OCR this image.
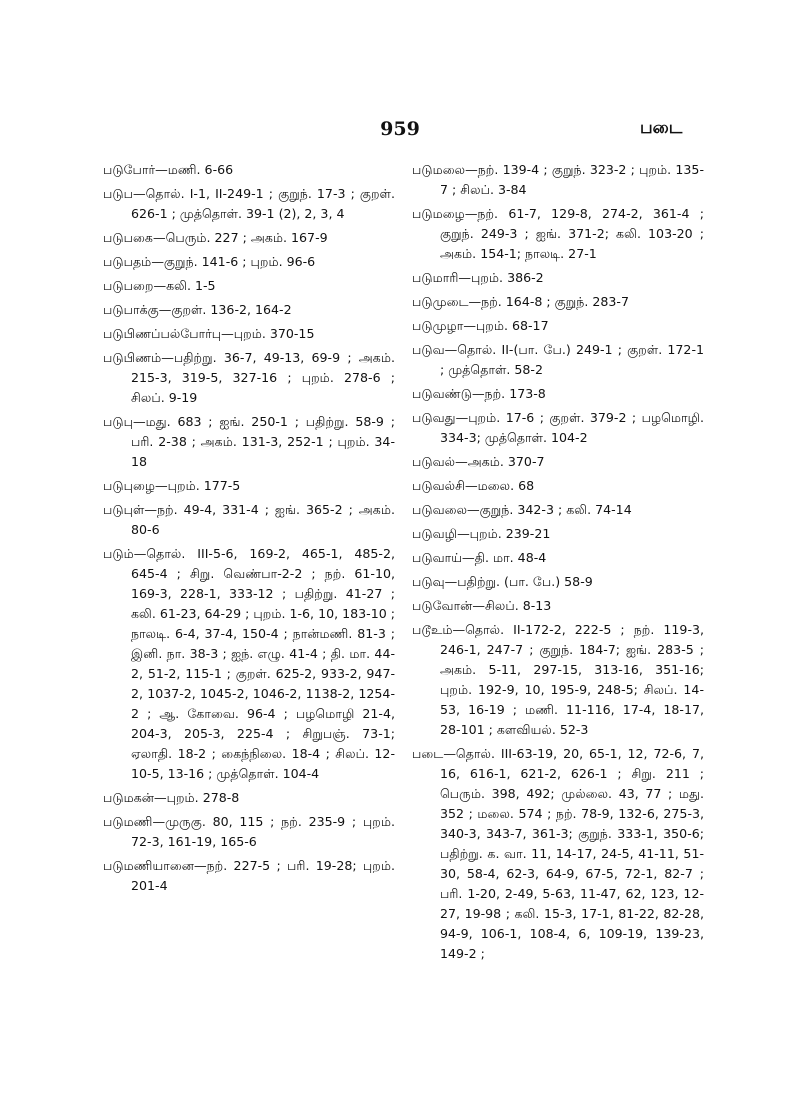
959	படை

படுபோர்—மணி. 6-66

படுப—தொல். I-1, II-249-1 ; குறுந். 17-3 ; குறள். 626-1 ; முத்தொள். 39-1 (2), 2, 3, 4

படுபகை—பெரும். 227 ; அகம். 167-9

படுபதம்—குறுந். 141-6 ; புறம். 96-6

படுபறை—கலி. 1-5

படுபாக்கு—குறள். 136-2, 164-2

படுபிணப்பல்போர்பு—புறம். 370-15

படுபிணம்—பதிற்று. 36-7, 49-13, 69-9 ; அகம். 215-3, 319-5, 327-16 ; புறம். 278-6 ; சிலப். 9-19

படுபு—மது. 683 ; ஐங். 250-1 ; பதிற்று. 58-9 ; பரி. 2-38 ; அகம். 131-3, 252-1 ; புறம். 34-18

படுபுழை—புறம். 177-5

படுபுள்—நற். 49-4, 331-4 ; ஐங். 365-2 ; அகம். 80-6

படும்—தொல். III-5-6, 169-2, 465-1, 485-2, 645-4 ; சிறு. வெண்பா-2-2 ; நற். 61-10, 169-3, 228-1, 333-12 ; பதிற்று. 41-27 ; கலி. 61-23, 64-29 ; புறம். 1-6, 10, 183-10 ; நாலடி. 6-4, 37-4, 150-4 ; நான்மணி. 81-3 ; இனி. நா. 38-3 ; ஐந். எழு. 41-4 ; தி. மா. 44-2, 51-2, 115-1 ; குறள். 625-2, 933-2, 947-2, 1037-2, 1045-2, 1046-2, 1138-2, 1254-2 ; ஆ. கோவை. 96-4 ; பழமொழி 21-4, 204-3, 205-3, 225-4 ; சிறுபஞ். 73-1; ஏலாதி. 18-2 ; கைந்நிலை. 18-4 ; சிலப். 12-10-5, 13-16 ; முத்தொள். 104-4

படுமகன்—புறம். 278-8

படுமணி—முருகு. 80, 115 ; நற். 235-9 ; புறம். 72-3, 161-19, 165-6

படுமணியானை—நற். 227-5 ; பரி. 19-28; புறம். 201-4

படுமலை—நற். 139-4 ; குறுந். 323-2 ; புறம். 135-7 ; சிலப். 3-84

படுமழை—நற். 61-7, 129-8, 274-2, 361-4 ; குறுந். 249-3 ; ஐங். 371-2; கலி. 103-20 ; அகம். 154-1; நாலடி. 27-1

படுமாரி—புறம். 386-2

படுமுடை—நற். 164-8 ; குறுந். 283-7

படுமுழா—புறம். 68-17

படுவ—தொல். II-(பா. பே.) 249-1 ; குறள். 172-1 ; முத்தொள். 58-2

படுவண்டு—நற். 173-8

படுவது—புறம். 17-6 ; குறள். 379-2 ; பழமொழி. 334-3; முத்தொள். 104-2

படுவல்—அகம். 370-7

படுவல்சி—மலை. 68

படுவலை—குறுந். 342-3 ; கலி. 74-14

படுவழி—புறம். 239-21

படுவாய்—தி. மா. 48-4

படுவு—பதிற்று. (பா. பே.) 58-9

படுவோன்—சிலப். 8-13

படூஉம்—தொல். II-172-2, 222-5 ; நற். 119-3, 246-1, 247-7 ; குறுந். 184-7; ஐங். 283-5 ; அகம். 5-11, 297-15, 313-16, 351-16; புறம். 192-9, 10, 195-9, 248-5; சிலப். 14-53, 16-19 ; மணி. 11-116, 17-4, 18-17, 28-101 ; களவியல். 52-3

படை—தொல். III-63-19, 20, 65-1, 12, 72-6, 7, 16, 616-1, 621-2, 626-1 ; சிறு. 211 ; பெரும். 398, 492; முல்லை. 43, 77 ; மது. 352 ; மலை. 574 ; நற். 78-9, 132-6, 275-3, 340-3, 343-7, 361-3; குறுந். 333-1, 350-6; பதிற்று. க. வா. 11, 14-17, 24-5, 41-11, 51-30, 58-4, 62-3, 64-9, 67-5, 72-1, 82-7 ; பரி. 1-20, 2-49, 5-63, 11-47, 62, 123, 12-27, 19-98 ; கலி. 15-3, 17-1, 81-22, 82-28, 94-9, 106-1, 108-4, 6, 109-19, 139-23, 149-2 ;
